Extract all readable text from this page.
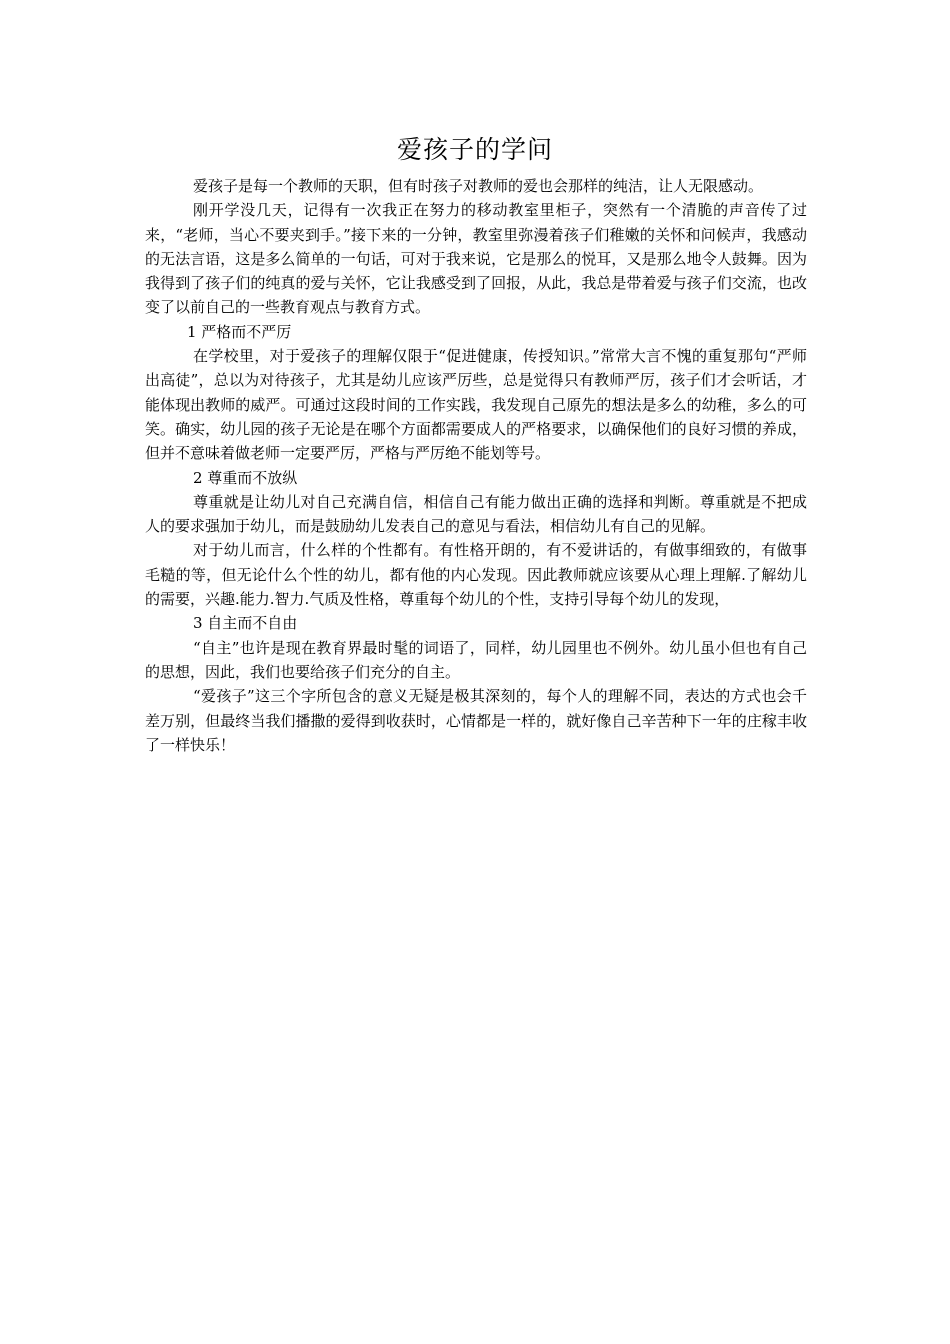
爱孩子的学问

爱孩子是每一个教师的天职，但有时孩子对教师的爱也会那样的纯洁，让人无限感动。

刚开学没几天，记得有一次我正在努力的移动教室里柜子，突然有一个清脆的声音传了过来，“老师，当心不要夹到手。”接下来的一分钟，教室里弥漫着孩子们稚嫩的关怀和问候声，我感动的无法言语，这是多么简单的一句话，可对于我来说，它是那么的悦耳，又是那么地令人鼓舞。因为我得到了孩子们的纯真的爱与关怀，它让我感受到了回报，从此，我总是带着爱与孩子们交流，也改变了以前自己的一些教育观点与教育方式。

1 严格而不严厉

在学校里，对于爱孩子的理解仅限于“促进健康，传授知识。”常常大言不愧的重复那句“严师出高徒”，总以为对待孩子，尤其是幼儿应该严厉些，总是觉得只有教师严厉，孩子们才会听话，才能体现出教师的威严。可通过这段时间的工作实践，我发现自己原先的想法是多么的幼稚，多么的可笑。确实，幼儿园的孩子无论是在哪个方面都需要成人的严格要求，以确保他们的良好习惯的养成，但并不意味着做老师一定要严厉，严格与严厉绝不能划等号。

2 尊重而不放纵

尊重就是让幼儿对自己充满自信，相信自己有能力做出正确的选择和判断。尊重就是不把成人的要求强加于幼儿，而是鼓励幼儿发表自己的意见与看法，相信幼儿有自己的见解。

对于幼儿而言，什么样的个性都有。有性格开朗的，有不爱讲话的，有做事细致的，有做事毛糙的等，但无论什么个性的幼儿，都有他的内心发现。因此教师就应该要从心理上理解.了解幼儿的需要，兴趣.能力.智力.气质及性格，尊重每个幼儿的个性，支持引导每个幼儿的发现，

3 自主而不自由

“自主”也许是现在教育界最时髦的词语了，同样，幼儿园里也不例外。幼儿虽小但也有自己的思想，因此，我们也要给孩子们充分的自主。

“爱孩子”这三个字所包含的意义无疑是极其深刻的，每个人的理解不同，表达的方式也会千差万别，但最终当我们播撒的爱得到收获时，心情都是一样的，就好像自己辛苦种下一年的庄稼丰收了一样快乐！
